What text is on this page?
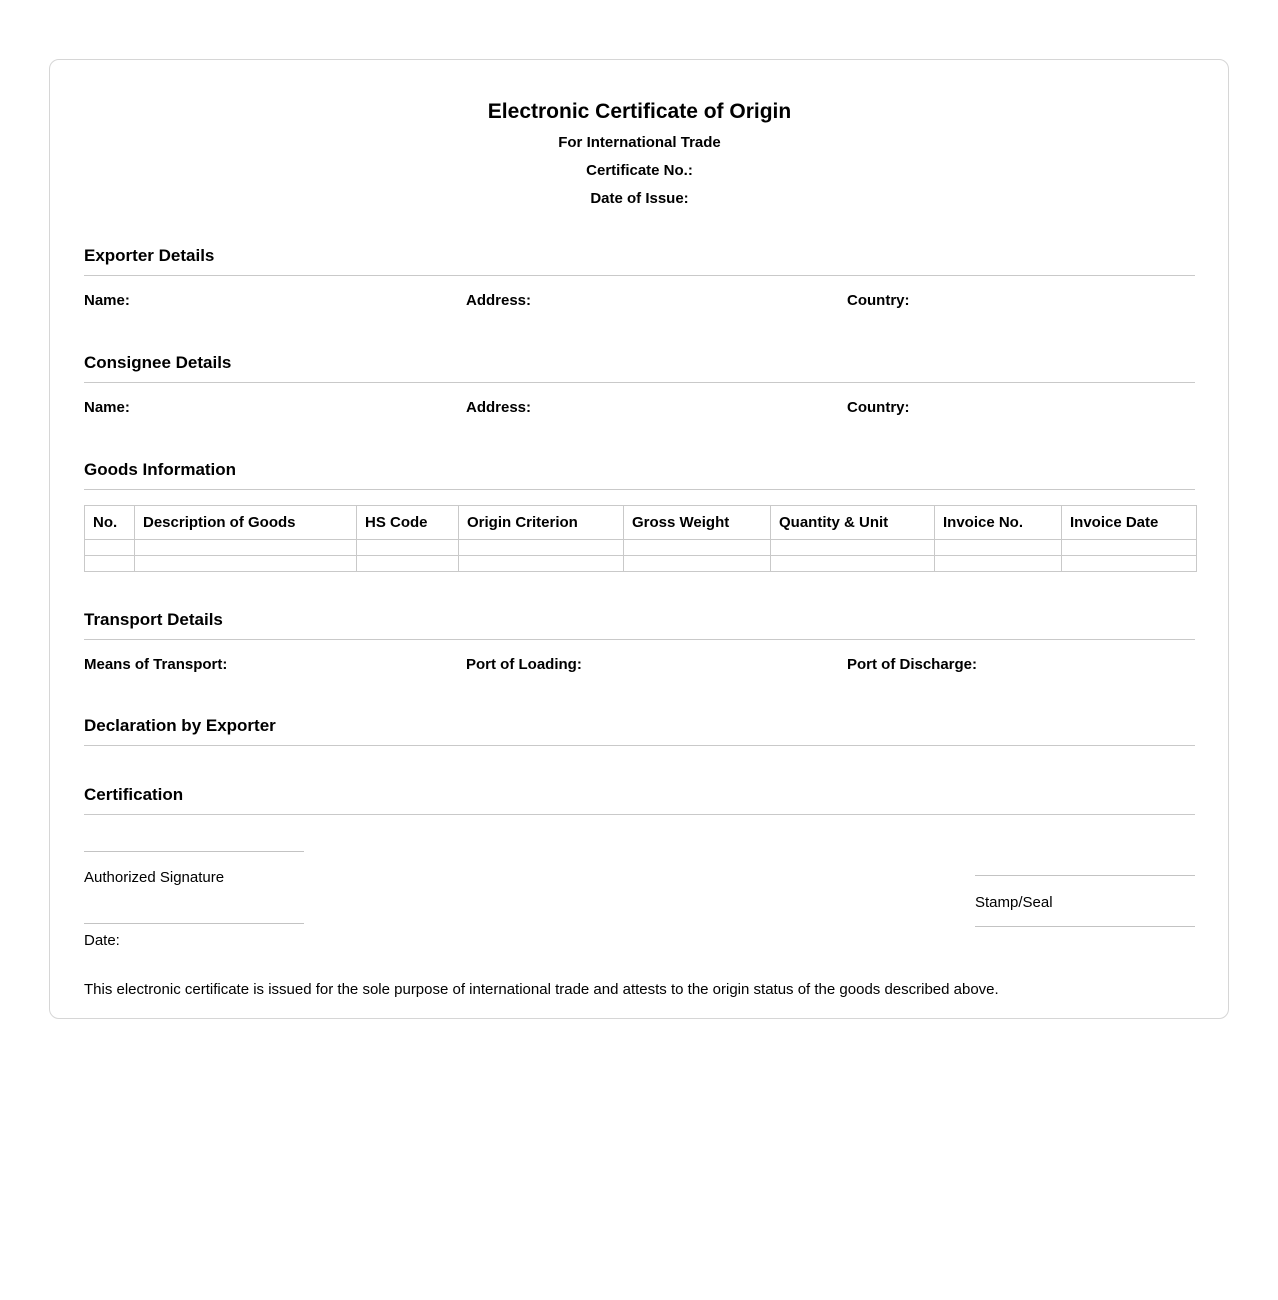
Electronic Certificate of Origin
For International Trade
Certificate No.:
Date of Issue:
Exporter Details
Name:	Address:	Country:
Consignee Details
Name:	Address:	Country:
Goods Information
No.	Description of Goods	HS Code	Origin Criterion	Gross Weight	Quantity & Unit	Invoice No.	Invoice Date

Transport Details
Means of Transport:	Port of Loading:	Port of Discharge:
Declaration by Exporter
Certification
Authorized Signature
Date:
Stamp/Seal
This electronic certificate is issued for the sole purpose of international trade and attests to the origin status of the goods described above.
